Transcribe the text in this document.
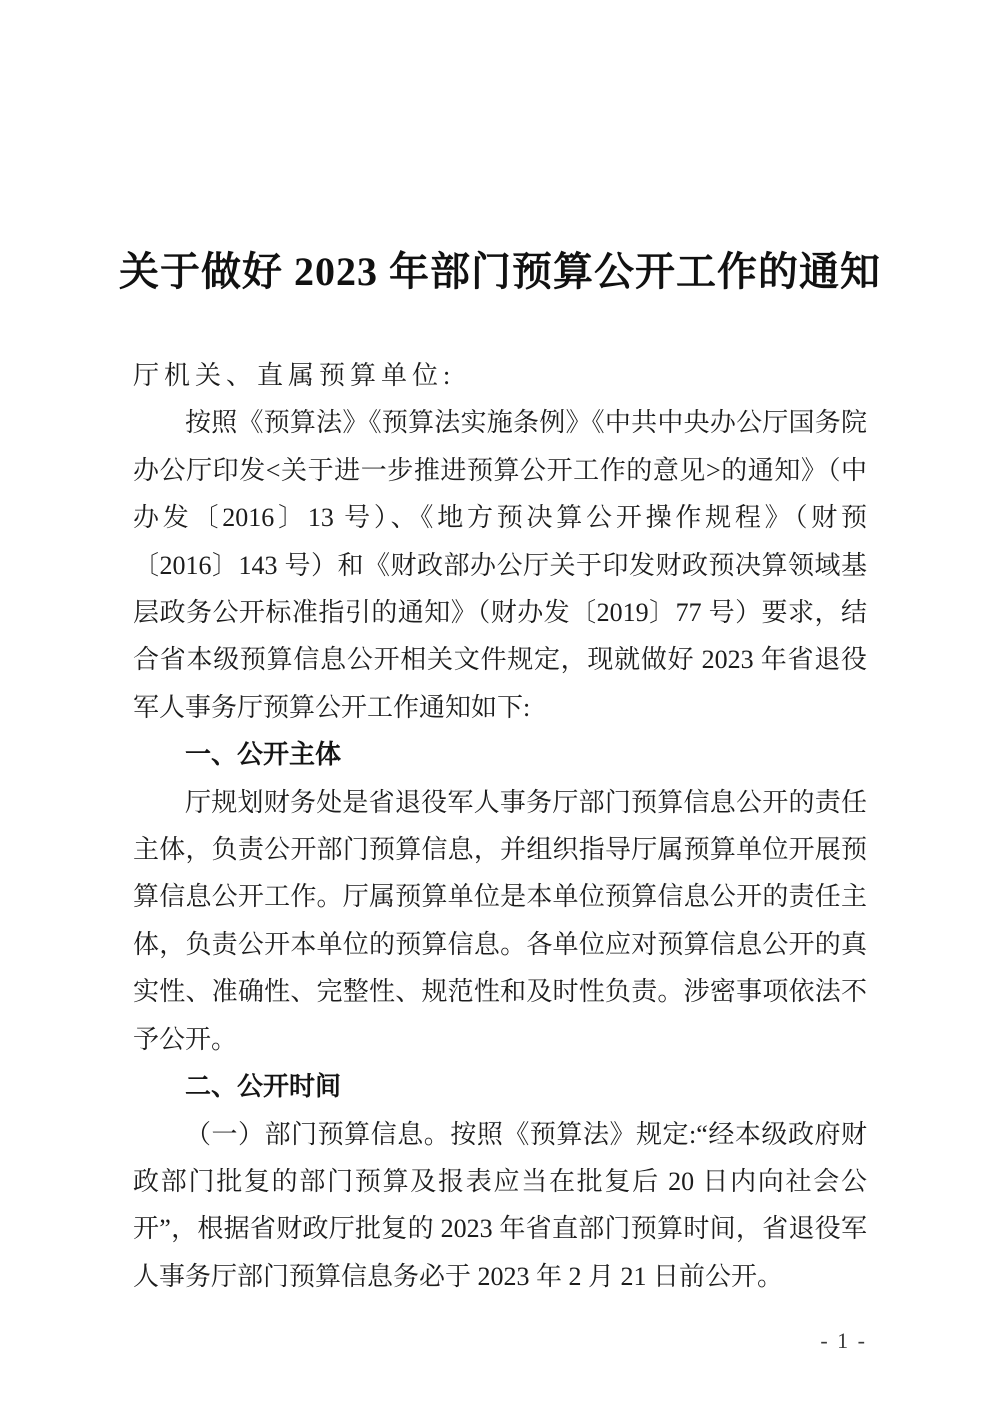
关于做好 2023 年部门预算公开工作的通知

厅机关、直属预算单位:

按照《预算法》《预算法实施条例》《中共中央办公厅国务院办公厅印发<关于进一步推进预算公开工作的意见>的通知》（中办发〔2016〕13 号）、《地方预决算公开操作规程》（财预〔2016〕143 号）和《财政部办公厅关于印发财政预决算领域基层政务公开标准指引的通知》（财办发〔2019〕77 号）要求，结合省本级预算信息公开相关文件规定，现就做好 2023 年省退役军人事务厅预算公开工作通知如下:

一、公开主体

厅规划财务处是省退役军人事务厅部门预算信息公开的责任主体，负责公开部门预算信息，并组织指导厅属预算单位开展预算信息公开工作。厅属预算单位是本单位预算信息公开的责任主体，负责公开本单位的预算信息。各单位应对预算信息公开的真实性、准确性、完整性、规范性和及时性负责。涉密事项依法不予公开。

二、公开时间

（一）部门预算信息。按照《预算法》规定:“经本级政府财政部门批复的部门预算及报表应当在批复后 20 日内向社会公开”，根据省财政厅批复的 2023 年省直部门预算时间，省退役军人事务厅部门预算信息务必于 2023 年 2 月 21 日前公开。

- 1 -
